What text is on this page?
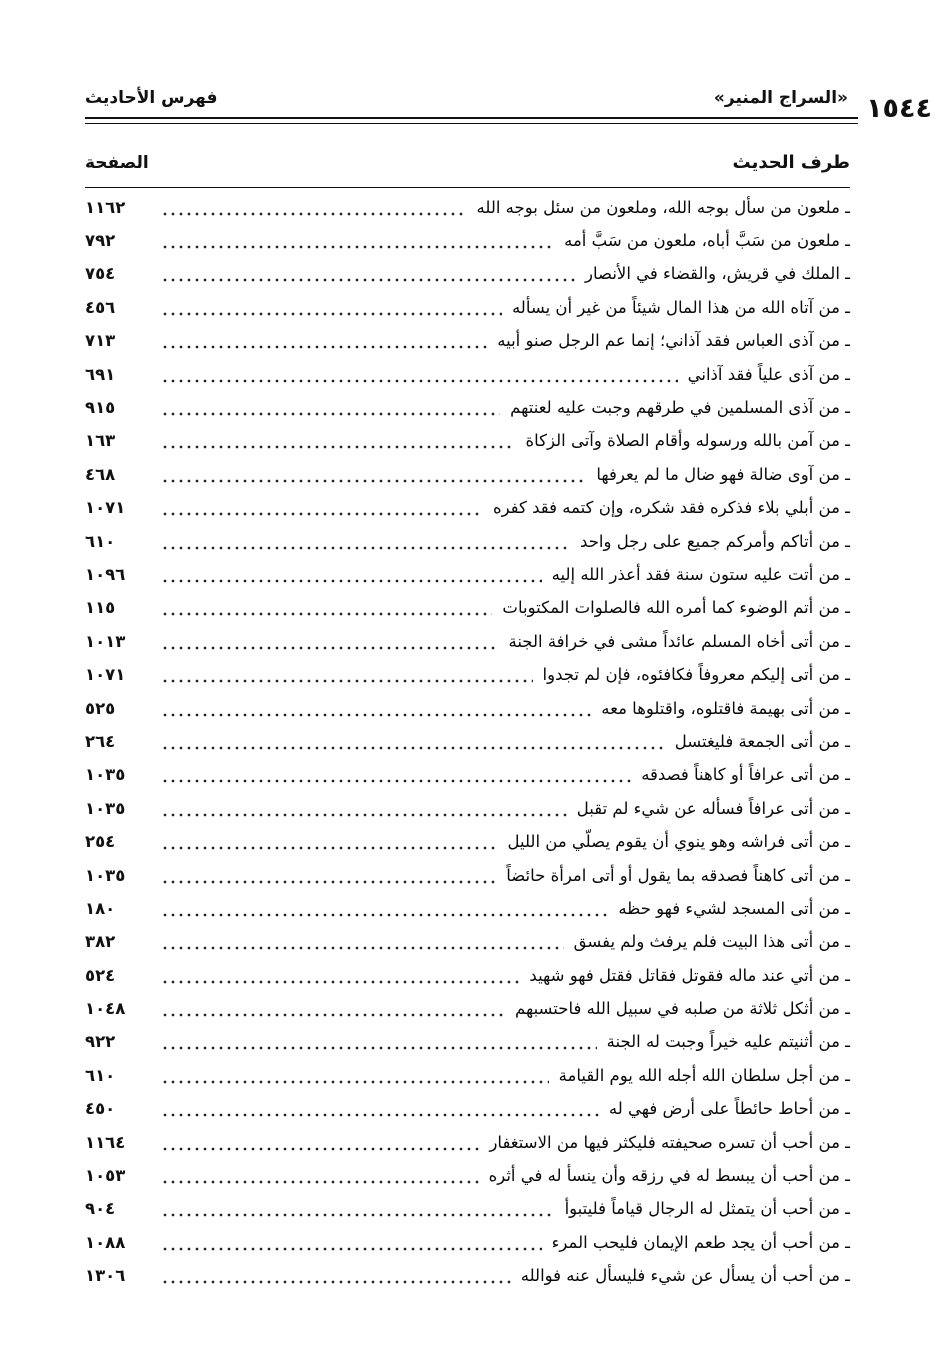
١٥٤٤
«السراج المنير»
فهرس الأحاديث
طرف الحديث
الصفحة
ـ ملعون من سأل بوجه الله، وملعون من سئل بوجه الله
١١٦٢
ـ ملعون من سَبَّ أباه، ملعون من سَبَّ أمه
٧٩٢
ـ الملك في قريش، والقضاء في الأنصار
٧٥٤
ـ من آتاه الله من هذا المال شيئاً من غير أن يسأله
٤٥٦
ـ من آذى العباس فقد آذاني؛ إنما عم الرجل صنو أبيه
٧١٣
ـ من آذى علياً فقد آذاني
٦٩١
ـ من آذى المسلمين في طرقهم وجبت عليه لعنتهم
٩١٥
ـ من آمن بالله ورسوله وأقام الصلاة وآتى الزكاة
١٦٣
ـ من آوى ضالة فهو ضال ما لم يعرفها
٤٦٨
ـ من أبلي بلاء فذكره فقد شكره، وإن كتمه فقد كفره
١٠٧١
ـ من أتاكم وأمركم جميع على رجل واحد
٦١٠
ـ من أتت عليه ستون سنة فقد أعذر الله إليه
١٠٩٦
ـ من أتم الوضوء كما أمره الله فالصلوات المكتوبات
١١٥
ـ من أتى أخاه المسلم عائداً مشى في خرافة الجنة
١٠١٣
ـ من أتى إليكم معروفاً فكافئوه، فإن لم تجدوا
١٠٧١
ـ من أتى بهيمة فاقتلوه، واقتلوها معه
٥٢٥
ـ من أتى الجمعة فليغتسل
٢٦٤
ـ من أتى عرافاً أو كاهناً فصدقه
١٠٣٥
ـ من أتى عرافاً فسأله عن شيء لم تقبل
١٠٣٥
ـ من أتى فراشه وهو ينوي أن يقوم يصلّي من الليل
٢٥٤
ـ من أتى كاهناً فصدقه بما يقول أو أتى امرأة حائضاً
١٠٣٥
ـ من أتى المسجد لشيء فهو حظه
١٨٠
ـ من أتى هذا البيت فلم يرفث ولم يفسق
٣٨٢
ـ من أتي عند ماله فقوتل فقاتل فقتل فهو شهيد
٥٢٤
ـ من أثكل ثلاثة من صلبه في سبيل الله فاحتسبهم
١٠٤٨
ـ من أثنيتم عليه خيراً وجبت له الجنة
٩٢٢
ـ من أجل سلطان الله أجله الله يوم القيامة
٦١٠
ـ من أحاط حائطاً على أرض فهي له
٤٥٠
ـ من أحب أن تسره صحيفته فليكثر فيها من الاستغفار
١١٦٤
ـ من أحب أن يبسط له في رزقه وأن ينسأ له في أثره
١٠٥٣
ـ من أحب أن يتمثل له الرجال قياماً فليتبوأ
٩٠٤
ـ من أحب أن يجد طعم الإيمان فليحب المرء
١٠٨٨
ـ من أحب أن يسأل عن شيء فليسأل عنه فوالله
١٣٠٦
